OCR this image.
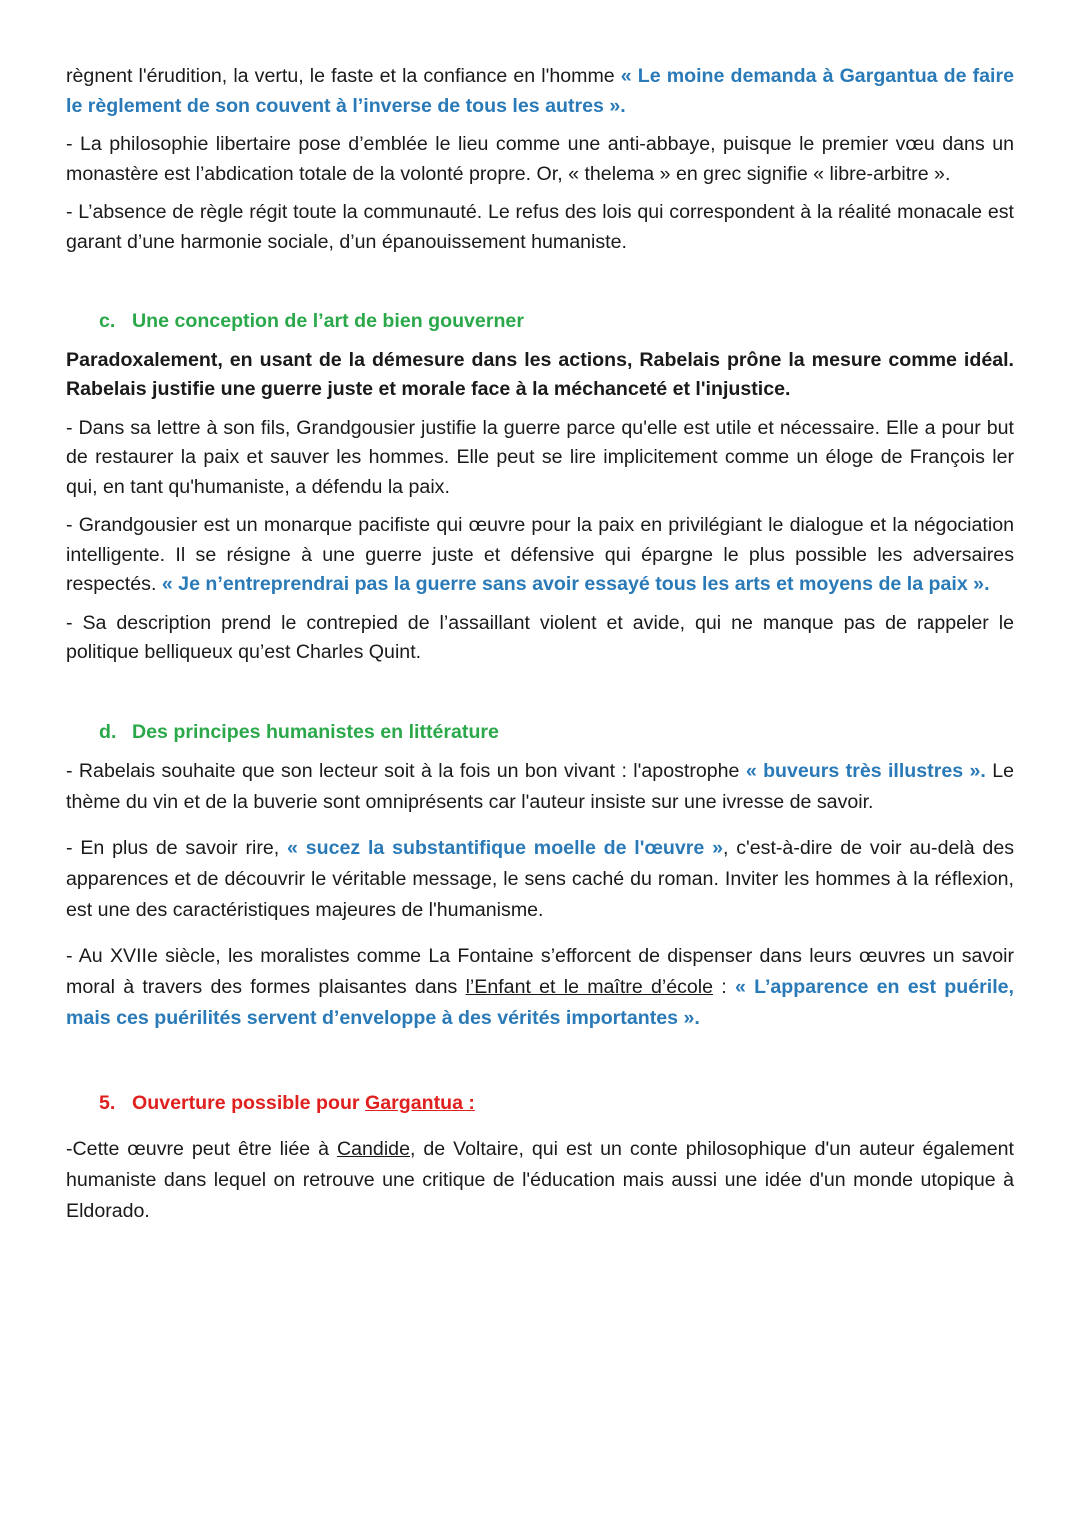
règnent l'érudition, la vertu, le faste et la confiance en l'homme « Le moine demanda à Gargantua de faire le règlement de son couvent à l’inverse de tous les autres ».

- La philosophie libertaire pose d’emblée le lieu comme une anti-abbaye, puisque le premier vœu dans un monastère est l’abdication totale de la volonté propre. Or, « thelema » en grec signifie « libre-arbitre ».

- L’absence de règle régit toute la communauté. Le refus des lois qui correspondent à la réalité monacale est garant d’une harmonie sociale, d’un épanouissement humaniste.

c. Une conception de l’art de bien gouverner

Paradoxalement, en usant de la démesure dans les actions, Rabelais prône la mesure comme idéal. Rabelais justifie une guerre juste et morale face à la méchanceté et l'injustice.

- Dans sa lettre à son fils, Grandgousier justifie la guerre parce qu'elle est utile et nécessaire. Elle a pour but de restaurer la paix et sauver les hommes. Elle peut se lire implicitement comme un éloge de François ler qui, en tant qu'humaniste, a défendu la paix.

- Grandgousier est un monarque pacifiste qui œuvre pour la paix en privilégiant le dialogue et la négociation intelligente. Il se résigne à une guerre juste et défensive qui épargne le plus possible les adversaires respectés. « Je n’entreprendrai pas la guerre sans avoir essayé tous les arts et moyens de la paix ».

- Sa description prend le contrepied de l’assaillant violent et avide, qui ne manque pas de rappeler le politique belliqueux qu’est Charles Quint.

d. Des principes humanistes en littérature

- Rabelais souhaite que son lecteur soit à la fois un bon vivant : l'apostrophe « buveurs très illustres ». Le thème du vin et de la buverie sont omniprésents car l'auteur insiste sur une ivresse de savoir.

- En plus de savoir rire, « sucez la substantifique moelle de l'œuvre », c'est-à-dire de voir au-delà des apparences et de découvrir le véritable message, le sens caché du roman. Inviter les hommes à la réflexion, est une des caractéristiques majeures de l'humanisme.

- Au XVIIe siècle, les moralistes comme La Fontaine s’efforcent de dispenser dans leurs œuvres un savoir moral à travers des formes plaisantes dans l’Enfant et le maître d’école : « L’apparence en est puérile, mais ces puérilités servent d’enveloppe à des vérités importantes ».

5. Ouverture possible pour Gargantua :

-Cette œuvre peut être liée à Candide, de Voltaire, qui est un conte philosophique d'un auteur également humaniste dans lequel on retrouve une critique de l'éducation mais aussi une idée d'un monde utopique à Eldorado.
